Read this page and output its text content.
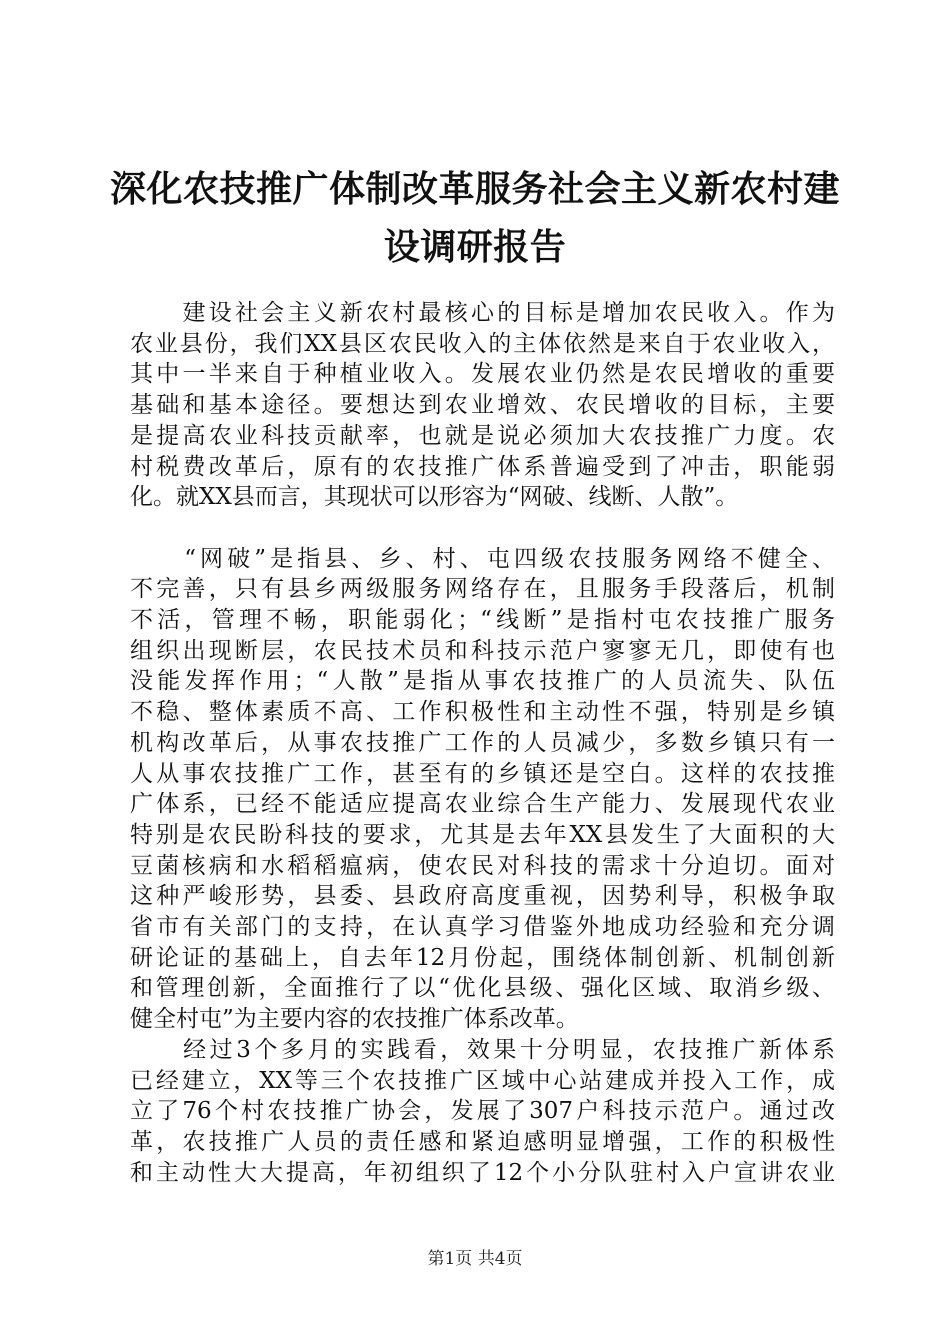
深化农技推广体制改革服务社会主义新农村建
设调研报告

　　建设社会主义新农村最核心的目标是增加农民收入。作为
农业县份，我们XX县区农民收入的主体依然是来自于农业收入，
其中一半来自于种植业收入。发展农业仍然是农民增收的重要
基础和基本途径。要想达到农业增效、农民增收的目标，主要
是提高农业科技贡献率，也就是说必须加大农技推广力度。农
村税费改革后，原有的农技推广体系普遍受到了冲击，职能弱
化。就XX县而言，其现状可以形容为“网破、线断、人散”。

　　“网破”是指县、乡、村、屯四级农技服务网络不健全、
不完善，只有县乡两级服务网络存在，且服务手段落后，机制
不活，管理不畅，职能弱化；“线断”是指村屯农技推广服务
组织出现断层，农民技术员和科技示范户寥寥无几，即使有也
没能发挥作用；“人散”是指从事农技推广的人员流失、队伍
不稳、整体素质不高、工作积极性和主动性不强，特别是乡镇
机构改革后，从事农技推广工作的人员减少，多数乡镇只有一
人从事农技推广工作，甚至有的乡镇还是空白。这样的农技推
广体系，已经不能适应提高农业综合生产能力、发展现代农业
特别是农民盼科技的要求，尤其是去年XX县发生了大面积的大
豆菌核病和水稻稻瘟病，使农民对科技的需求十分迫切。面对
这种严峻形势，县委、县政府高度重视，因势利导，积极争取
省市有关部门的支持，在认真学习借鉴外地成功经验和充分调
研论证的基础上，自去年12月份起，围绕体制创新、机制创新
和管理创新，全面推行了以“优化县级、强化区域、取消乡级、
健全村屯”为主要内容的农技推广体系改革。

　　经过3个多月的实践看，效果十分明显，农技推广新体系
已经建立，XX等三个农技推广区域中心站建成并投入工作，成
立了76个村农技推广协会，发展了307户科技示范户。通过改
革，农技推广人员的责任感和紧迫感明显增强，工作的积极性
和主动性大大提高，年初组织了12个小分队驻村入户宣讲农业

第1页 共4页
